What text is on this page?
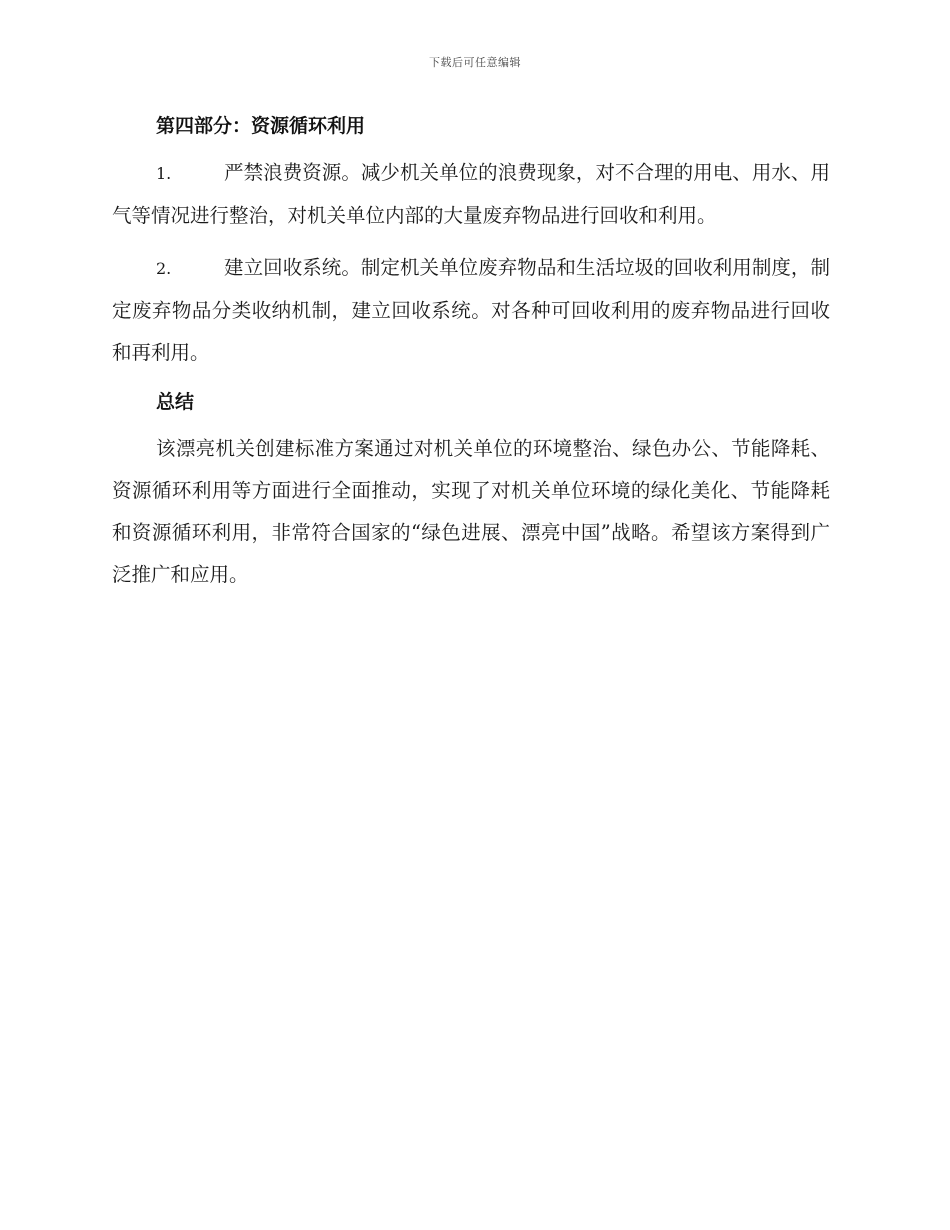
下载后可任意编辑
第四部分：资源循环利用

1.	严禁浪费资源。减少机关单位的浪费现象，对不合理的用电、用水、用气等情况进行整治，对机关单位内部的大量废弃物品进行回收和利用。

2.	建立回收系统。制定机关单位废弃物品和生活垃圾的回收利用制度，制定废弃物品分类收纳机制，建立回收系统。对各种可回收利用的废弃物品进行回收和再利用。

总结

该漂亮机关创建标准方案通过对机关单位的环境整治、绿色办公、节能降耗、资源循环利用等方面进行全面推动，实现了对机关单位环境的绿化美化、节能降耗和资源循环利用，非常符合国家的“绿色进展、漂亮中国”战略。希望该方案得到广泛推广和应用。
